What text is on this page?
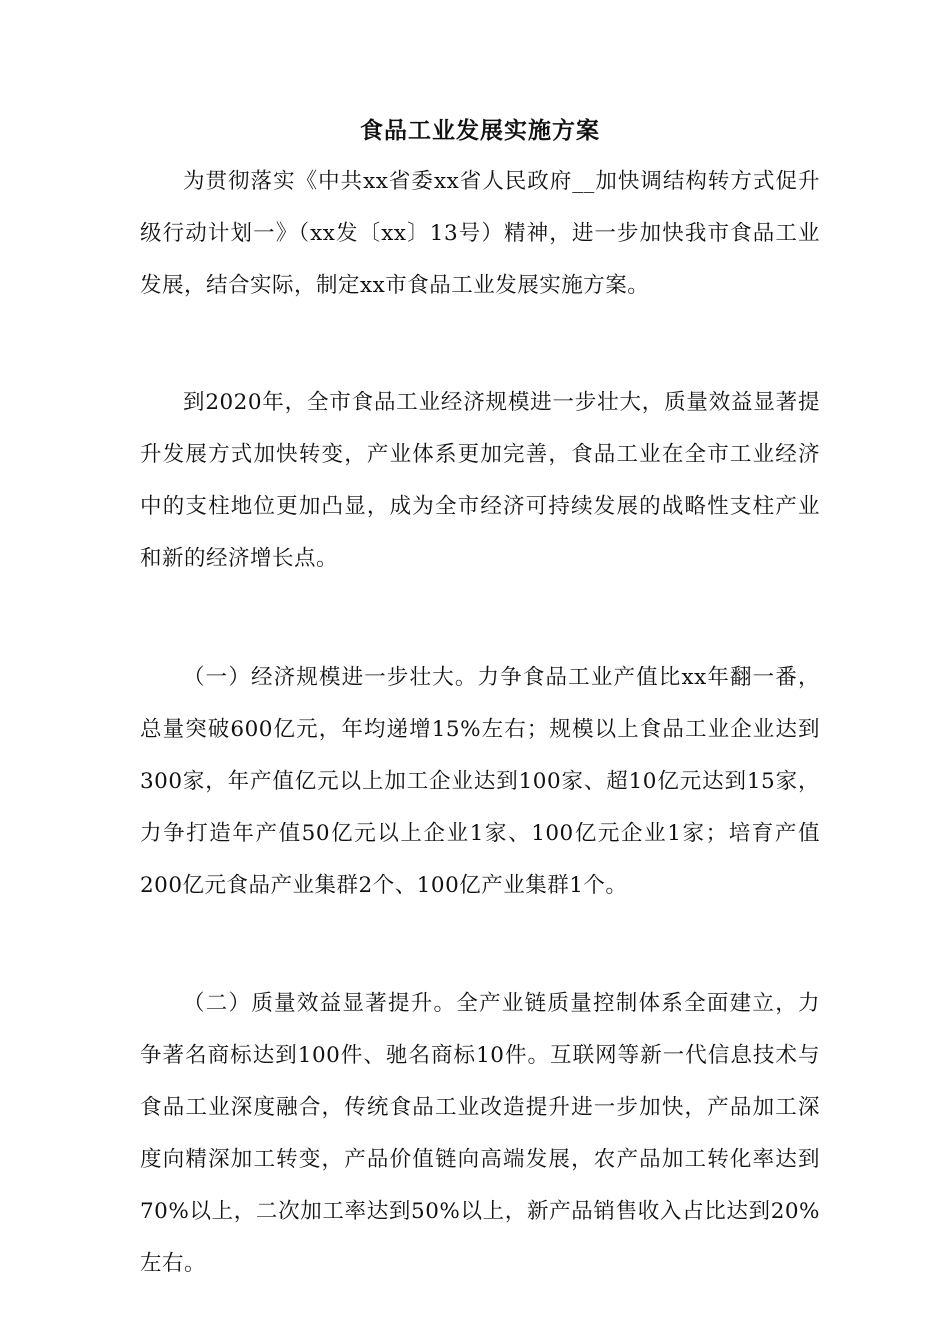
食品工业发展实施方案

为贯彻落实《中共xx省委xx省人民政府__加快调结构转方式促升级行动计划一》（xx发〔xx〕13号）精神，进一步加快我市食品工业发展，结合实际，制定xx市食品工业发展实施方案。

到2020年，全市食品工业经济规模进一步壮大，质量效益显著提升发展方式加快转变，产业体系更加完善，食品工业在全市工业经济中的支柱地位更加凸显，成为全市经济可持续发展的战略性支柱产业和新的经济增长点。

（一）经济规模进一步壮大。力争食品工业产值比xx年翻一番，总量突破600亿元，年均递增15%左右；规模以上食品工业企业达到300家，年产值亿元以上加工企业达到100家、超10亿元达到15家，力争打造年产值50亿元以上企业1家、100亿元企业1家；培育产值200亿元食品产业集群2个、100亿产业集群1个。

（二）质量效益显著提升。全产业链质量控制体系全面建立，力争著名商标达到100件、驰名商标10件。互联网等新一代信息技术与食品工业深度融合，传统食品工业改造提升进一步加快，产品加工深度向精深加工转变，产品价值链向高端发展，农产品加工转化率达到70%以上，二次加工率达到50%以上，新产品销售收入占比达到20%左右。
